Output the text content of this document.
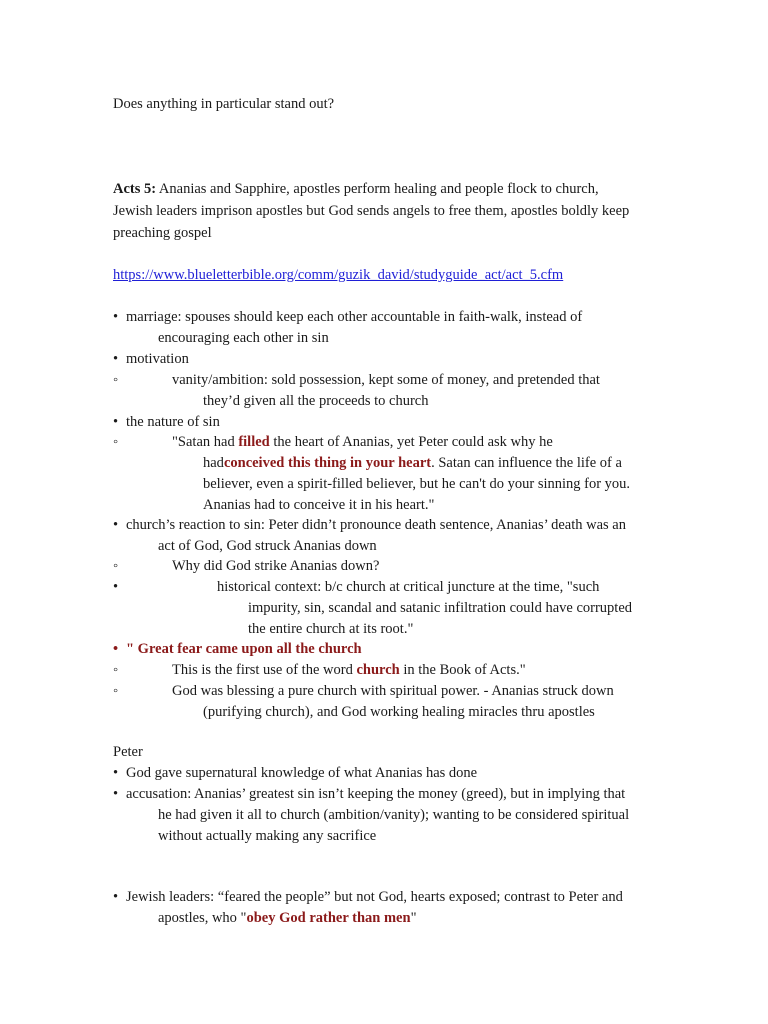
Does anything in particular stand out?
Acts 5: Ananias and Sapphire, apostles perform healing and people flock to church,
Jewish leaders imprison apostles but God sends angels to free them, apostles boldly keep
preaching gospel
https://www.blueletterbible.org/comm/guzik_david/studyguide_act/act_5.cfm
• marriage: spouses should keep each other accountable in faith-walk, instead of
encouraging each other in sin
• motivation
◦	vanity/ambition: sold possession, kept some of money, and pretended that
they’d given all the proceeds to church
• the nature of sin
◦	"Satan had filled the heart of Ananias, yet Peter could ask why he
hadconceived this thing in your heart. Satan can influence the life of a
believer, even a spirit-filled believer, but he can't do your sinning for you.
Ananias had to conceive it in his heart."
• church’s reaction to sin: Peter didn’t pronounce death sentence, Ananias’ death was an
act of God, God struck Ananias down
◦	Why did God strike Ananias down?
•	historical context: b/c church at critical juncture at the time, "such
impurity, sin, scandal and satanic infiltration could have corrupted
the entire church at its root."
• " Great fear came upon all the church
◦	This is the first use of the word church in the Book of Acts."
◦	God was blessing a pure church with spiritual power. - Ananias struck down
(purifying church), and God working healing miracles thru apostles
Peter
• God gave supernatural knowledge of what Ananias has done
• accusation: Ananias’ greatest sin isn’t keeping the money (greed), but in implying that
he had given it all to church (ambition/vanity); wanting to be considered spiritual
without actually making any sacrifice
• Jewish leaders: “feared the people” but not God, hearts exposed; contrast to Peter and
apostles, who "obey God rather than men"
